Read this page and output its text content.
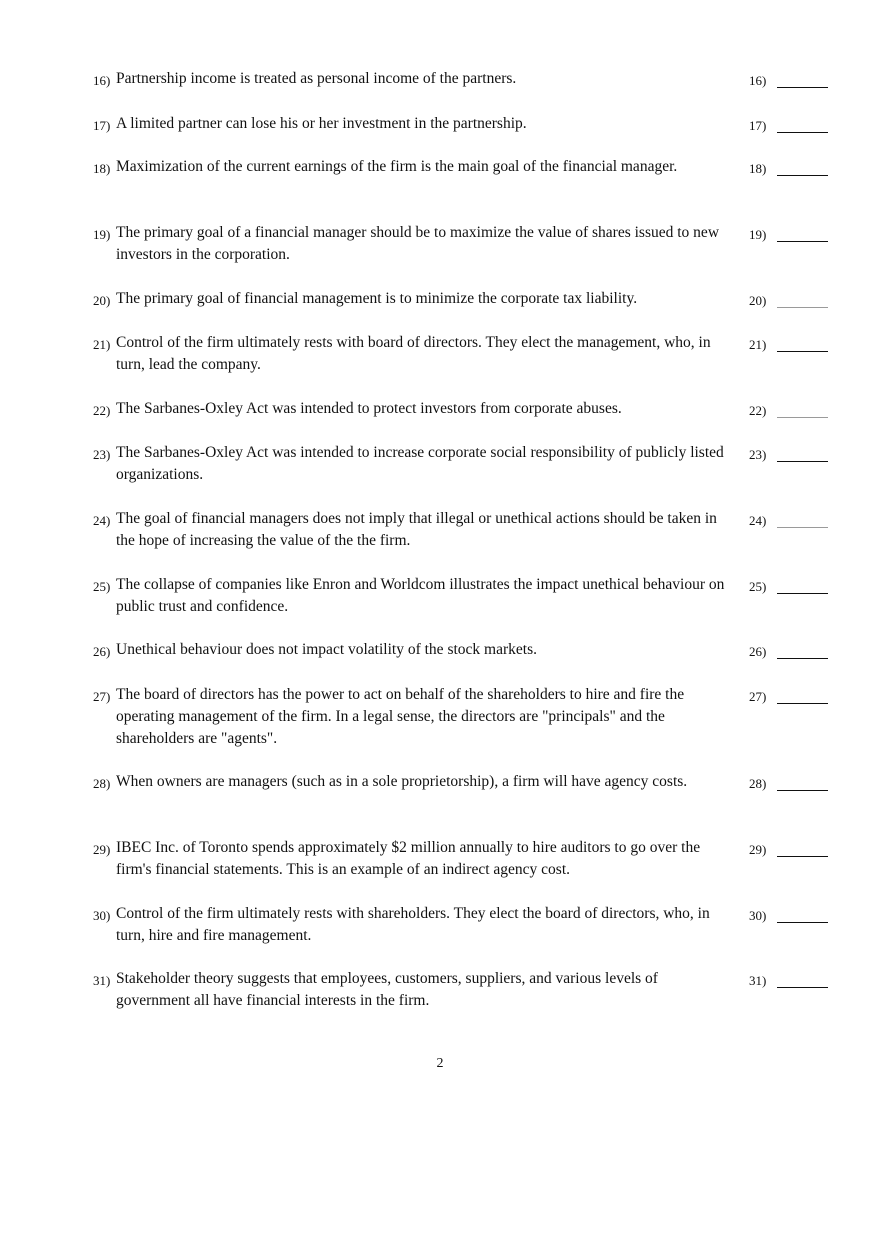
16) Partnership income is treated as personal income of the partners.	16)
17) A limited partner can lose his or her investment in the partnership.	17)
18) Maximization of the current earnings of the firm is the main goal of the financial manager.	18)
19) The primary goal of a financial manager should be to maximize the value of shares issued to new investors in the corporation.
19)
20) The primary goal of financial management is to minimize the corporate tax liability.	20)
21) Control of the firm ultimately rests with board of directors. They elect the management, who, in turn, lead the company.
21)
22) The Sarbanes-Oxley Act was intended to protect investors from corporate abuses.	22)
23) The Sarbanes-Oxley Act was intended to increase corporate social responsibility of publicly listed organizations.
23)
24) The goal of financial managers does not imply that illegal or unethical actions should be taken in the hope of increasing the value of the the firm.
24)
25) The collapse of companies like Enron and Worldcom illustrates the impact unethical behaviour on public trust and confidence.
25)
26) Unethical behaviour does not impact volatility of the stock markets.	26)
27) The board of directors has the power to act on behalf of the shareholders to hire and fire the operating management of the firm. In a legal sense, the directors are "principals" and the shareholders are "agents".
27)
28) When owners are managers (such as in a sole proprietorship), a firm will have agency costs.	28)
29) IBEC Inc. of Toronto spends approximately $2 million annually to hire auditors to go over the firm's financial statements. This is an example of an indirect agency cost.
29)
30) Control of the firm ultimately rests with shareholders. They elect the board of directors, who, in turn, hire and fire management.
30)
31) Stakeholder theory suggests that employees, customers, suppliers, and various levels of government all have financial interests in the firm.
31)
2
